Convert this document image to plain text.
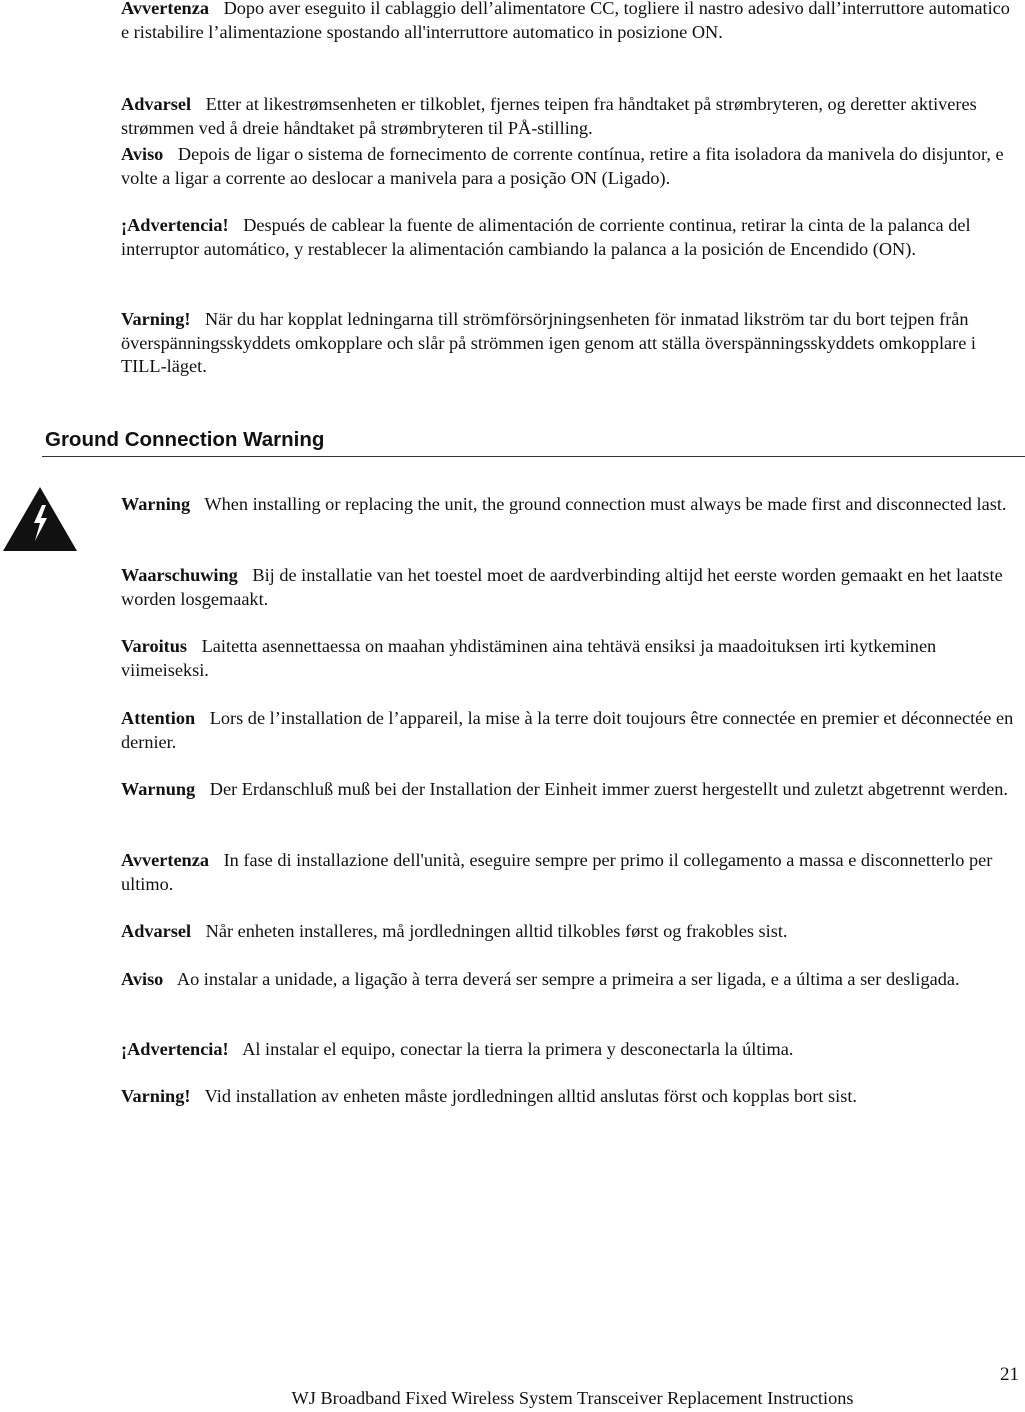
Avvertenza Dopo aver eseguito il cablaggio dell’alimentatore CC, togliere il nastro adesivo dall’interruttore automatico e ristabilire l’alimentazione spostando all'interruttore automatico in posizione ON.

Advarsel Etter at likestrømsenheten er tilkoblet, fjernes teipen fra håndtaket på strømbryteren, og deretter aktiveres strømmen ved å dreie håndtaket på strømbryteren til PÅ-stilling.

Aviso Depois de ligar o sistema de fornecimento de corrente contínua, retire a fita isoladora da manivela do disjuntor, e volte a ligar a corrente ao deslocar a manivela para a posição ON (Ligado).

¡Advertencia! Después de cablear la fuente de alimentación de corriente continua, retirar la cinta de la palanca del interruptor automático, y restablecer la alimentación cambiando la palanca a la posición de Encendido (ON).

Varning! När du har kopplat ledningarna till strömförsörjningsenheten för inmatad likström tar du bort tejpen från överspänningsskyddets omkopplare och slår på strömmen igen genom att ställa överspänningsskyddets omkopplare i TILL-läget.

Ground Connection Warning

Warning When installing or replacing the unit, the ground connection must always be made first and disconnected last.

Waarschuwing Bij de installatie van het toestel moet de aardverbinding altijd het eerste worden gemaakt en het laatste worden losgemaakt.

Varoitus Laitetta asennettaessa on maahan yhdistäminen aina tehtävä ensiksi ja maadoituksen irti kytkeminen viimeiseksi.

Attention Lors de l’installation de l’appareil, la mise à la terre doit toujours être connectée en premier et déconnectée en dernier.

Warnung Der Erdanschluß muß bei der Installation der Einheit immer zuerst hergestellt und zuletzt abgetrennt werden.

Avvertenza In fase di installazione dell'unità, eseguire sempre per primo il collegamento a massa e disconnetterlo per ultimo.

Advarsel Når enheten installeres, må jordledningen alltid tilkobles først og frakobles sist.

Aviso Ao instalar a unidade, a ligação à terra deverá ser sempre a primeira a ser ligada, e a última a ser desligada.

¡Advertencia! Al instalar el equipo, conectar la tierra la primera y desconectarla la última.

Varning! Vid installation av enheten måste jordledningen alltid anslutas först och kopplas bort sist.

21
WJ Broadband Fixed Wireless System Transceiver Replacement Instructions
